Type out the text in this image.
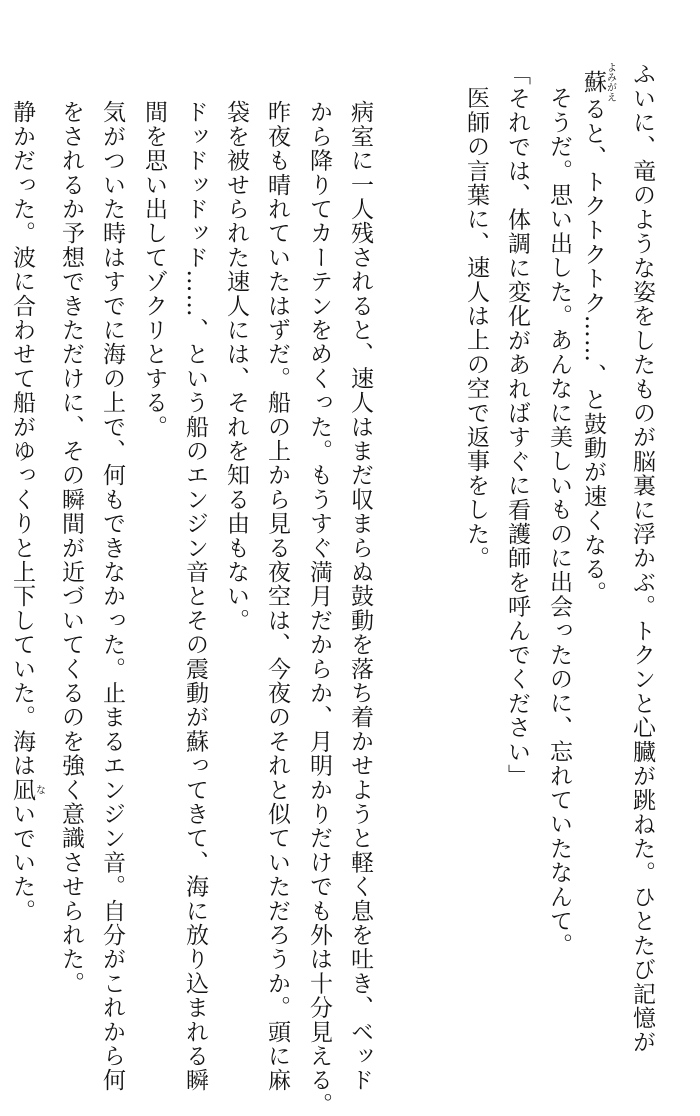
ふいに、竜のような姿をしたものが脳裏に浮かぶ。トクンと心臓が跳ねた。ひとたび記憶が
蘇よみがえると、トクトクトク……、と鼓動が速くなる。
そうだ。思い出した。あんなに美しいものに出会ったのに、忘れていたなんて。
「それでは、体調に変化があればすぐに看護師を呼んでください」
医師の言葉に、速人は上の空で返事をした。
病室に一人残されると、速人はまだ収まらぬ鼓動を落ち着かせようと軽く息を吐き、ベッド
から降りてカーテンをめくった。もうすぐ満月だからか、月明かりだけでも外は十分見える。
昨夜も晴れていたはずだ。船の上から見る夜空は、今夜のそれと似ていただろうか。頭に麻
袋を被せられた速人には、それを知る由もない。
ドッドッドッド……、という船のエンジン音とその震動が蘇ってきて、海に放り込まれる瞬
間を思い出してゾクリとする。
気がついた時はすでに海の上で、何もできなかった。止まるエンジン音。自分がこれから何
をされるか予想できただけに、その瞬間が近づいてくるのを強く意識させられた。
静かだった。波に合わせて船がゆっくりと上下していた。海は凪ないでいた。
